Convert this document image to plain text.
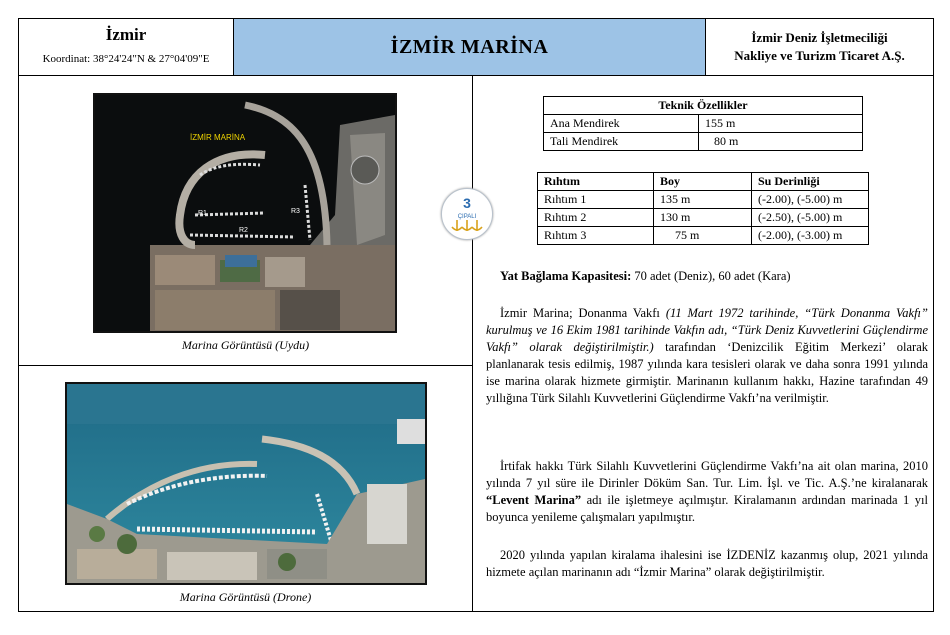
İzmir
Koordinat: 38°24'24"N & 27°04'09"E
İZMİR MARİNA	İzmir Deniz İşletmeciliği
Nakliye ve Turizm Ticaret A.Ş.
İZMİR MARİNA
R1
R2
R3
Marina Görüntüsü (Uydu)
Marina Görüntüsü (Drone)
3
ÇIPALI
Teknik Özellikler	
Ana Mendirek	155 m
Tali Mendirek	80 m
Rıhtım	Boy	Su Derinliği
Rıhtım 1	135 m	(-2.00), (-5.00) m
Rıhtım 2	130 m	(-2.50), (-5.00) m
Rıhtım 3	75 m	(-2.00), (-3.00) m

Yat Bağlama Kapasitesi: 70 adet (Deniz), 60 adet (Kara)

İzmir Marina; Donanma Vakfı (11 Mart 1972 tarihinde, “Türk Donanma Vakfı” kurulmuş ve 16 Ekim 1981 tarihinde Vakfın adı, “Türk Deniz Kuvvetlerini Güçlendirme Vakfı” olarak değiştirilmiştir.) tarafından ‘Denizcilik Eğitim Merkezi’ olarak planlanarak tesis edilmiş, 1987 yılında kara tesisleri olarak ve daha sonra 1991 yılında ise marina olarak hizmete girmiştir. Marinanın kullanım hakkı, Hazine tarafından 49 yıllığına Türk Silahlı Kuvvetlerini Güçlendirme Vakfı’na verilmiştir.

İrtifak hakkı Türk Silahlı Kuvvetlerini Güçlendirme Vakfı’na ait olan marina, 2010 yılında 7 yıl süre ile Dirinler Döküm San. Tur. Lim. İşl. ve Tic. A.Ş.’ne kiralanarak “Levent Marina” adı ile işletmeye açılmıştır. Kiralamanın ardından marinada 1 yıl boyunca yenileme çalışmaları yapılmıştır.

2020 yılında yapılan kiralama ihalesini ise İZDENİZ kazanmış olup, 2021 yılında hizmete açılan marinanın adı “İzmir Marina” olarak değiştirilmiştir.
